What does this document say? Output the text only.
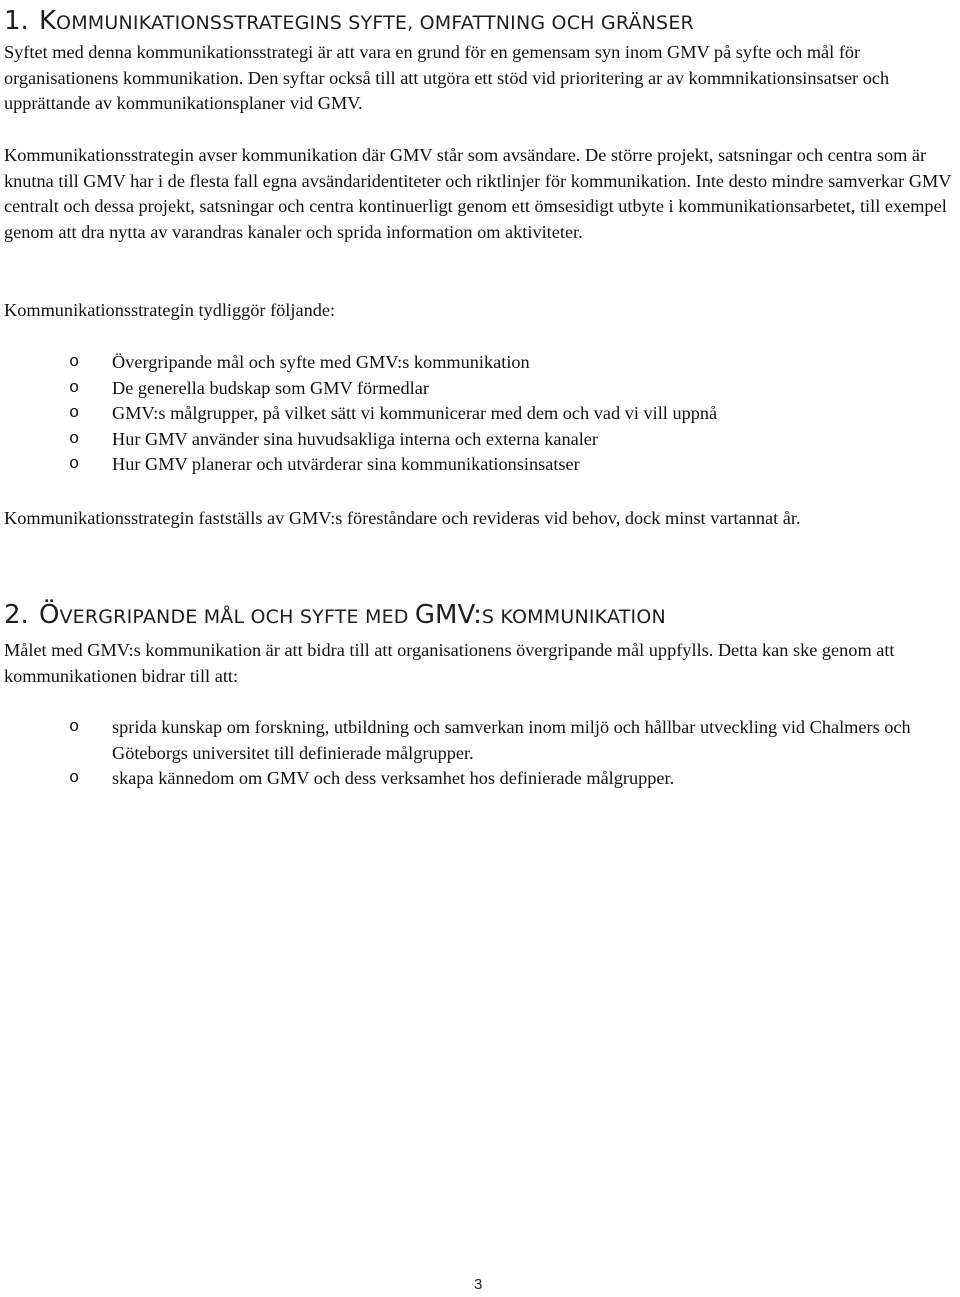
1. KOMMUNIKATIONSSTRATEGINS SYFTE, OMFATTNING OCH GRÄNSER

Syftet med denna kommunikationsstrategi är att vara en grund för en gemensam syn inom GMV på syfte och mål för organisationens kommunikation. Den syftar också till att utgöra ett stöd vid prioritering ar av kommnikationsinsatser och upprättande av kommunikationsplaner vid GMV.

Kommunikationsstrategin avser kommunikation där GMV står som avsändare. De större projekt, satsningar och centra som är knutna till GMV har i de flesta fall egna avsändaridentiteter och riktlinjer för kommunikation. Inte desto mindre samverkar GMV centralt och dessa projekt, satsningar och centra kontinuerligt genom ett ömsesidigt utbyte i kommunikationsarbetet, till exempel genom att dra nytta av varandras kanaler och sprida information om aktiviteter.

Kommunikationsstrategin tydliggör följande:

o Övergripande mål och syfte med GMV:s kommunikation
o De generella budskap som GMV förmedlar
o GMV:s målgrupper, på vilket sätt vi kommunicerar med dem och vad vi vill uppnå
o Hur GMV använder sina huvudsakliga interna och externa kanaler
o Hur GMV planerar och utvärderar sina kommunikationsinsatser

Kommunikationsstrategin fastställs av GMV:s föreståndare och revideras vid behov, dock minst vartannat år.

2. ÖVERGRIPANDE MÅL OCH SYFTE MED GMV:S KOMMUNIKATION

Målet med GMV:s kommunikation är att bidra till att organisationens övergripande mål uppfylls. Detta kan ske genom att kommunikationen bidrar till att:

o sprida kunskap om forskning, utbildning och samverkan inom miljö och hållbar utveckling vid Chalmers och Göteborgs universitet till definierade målgrupper.
o skapa kännedom om GMV och dess verksamhet hos definierade målgrupper.
3
